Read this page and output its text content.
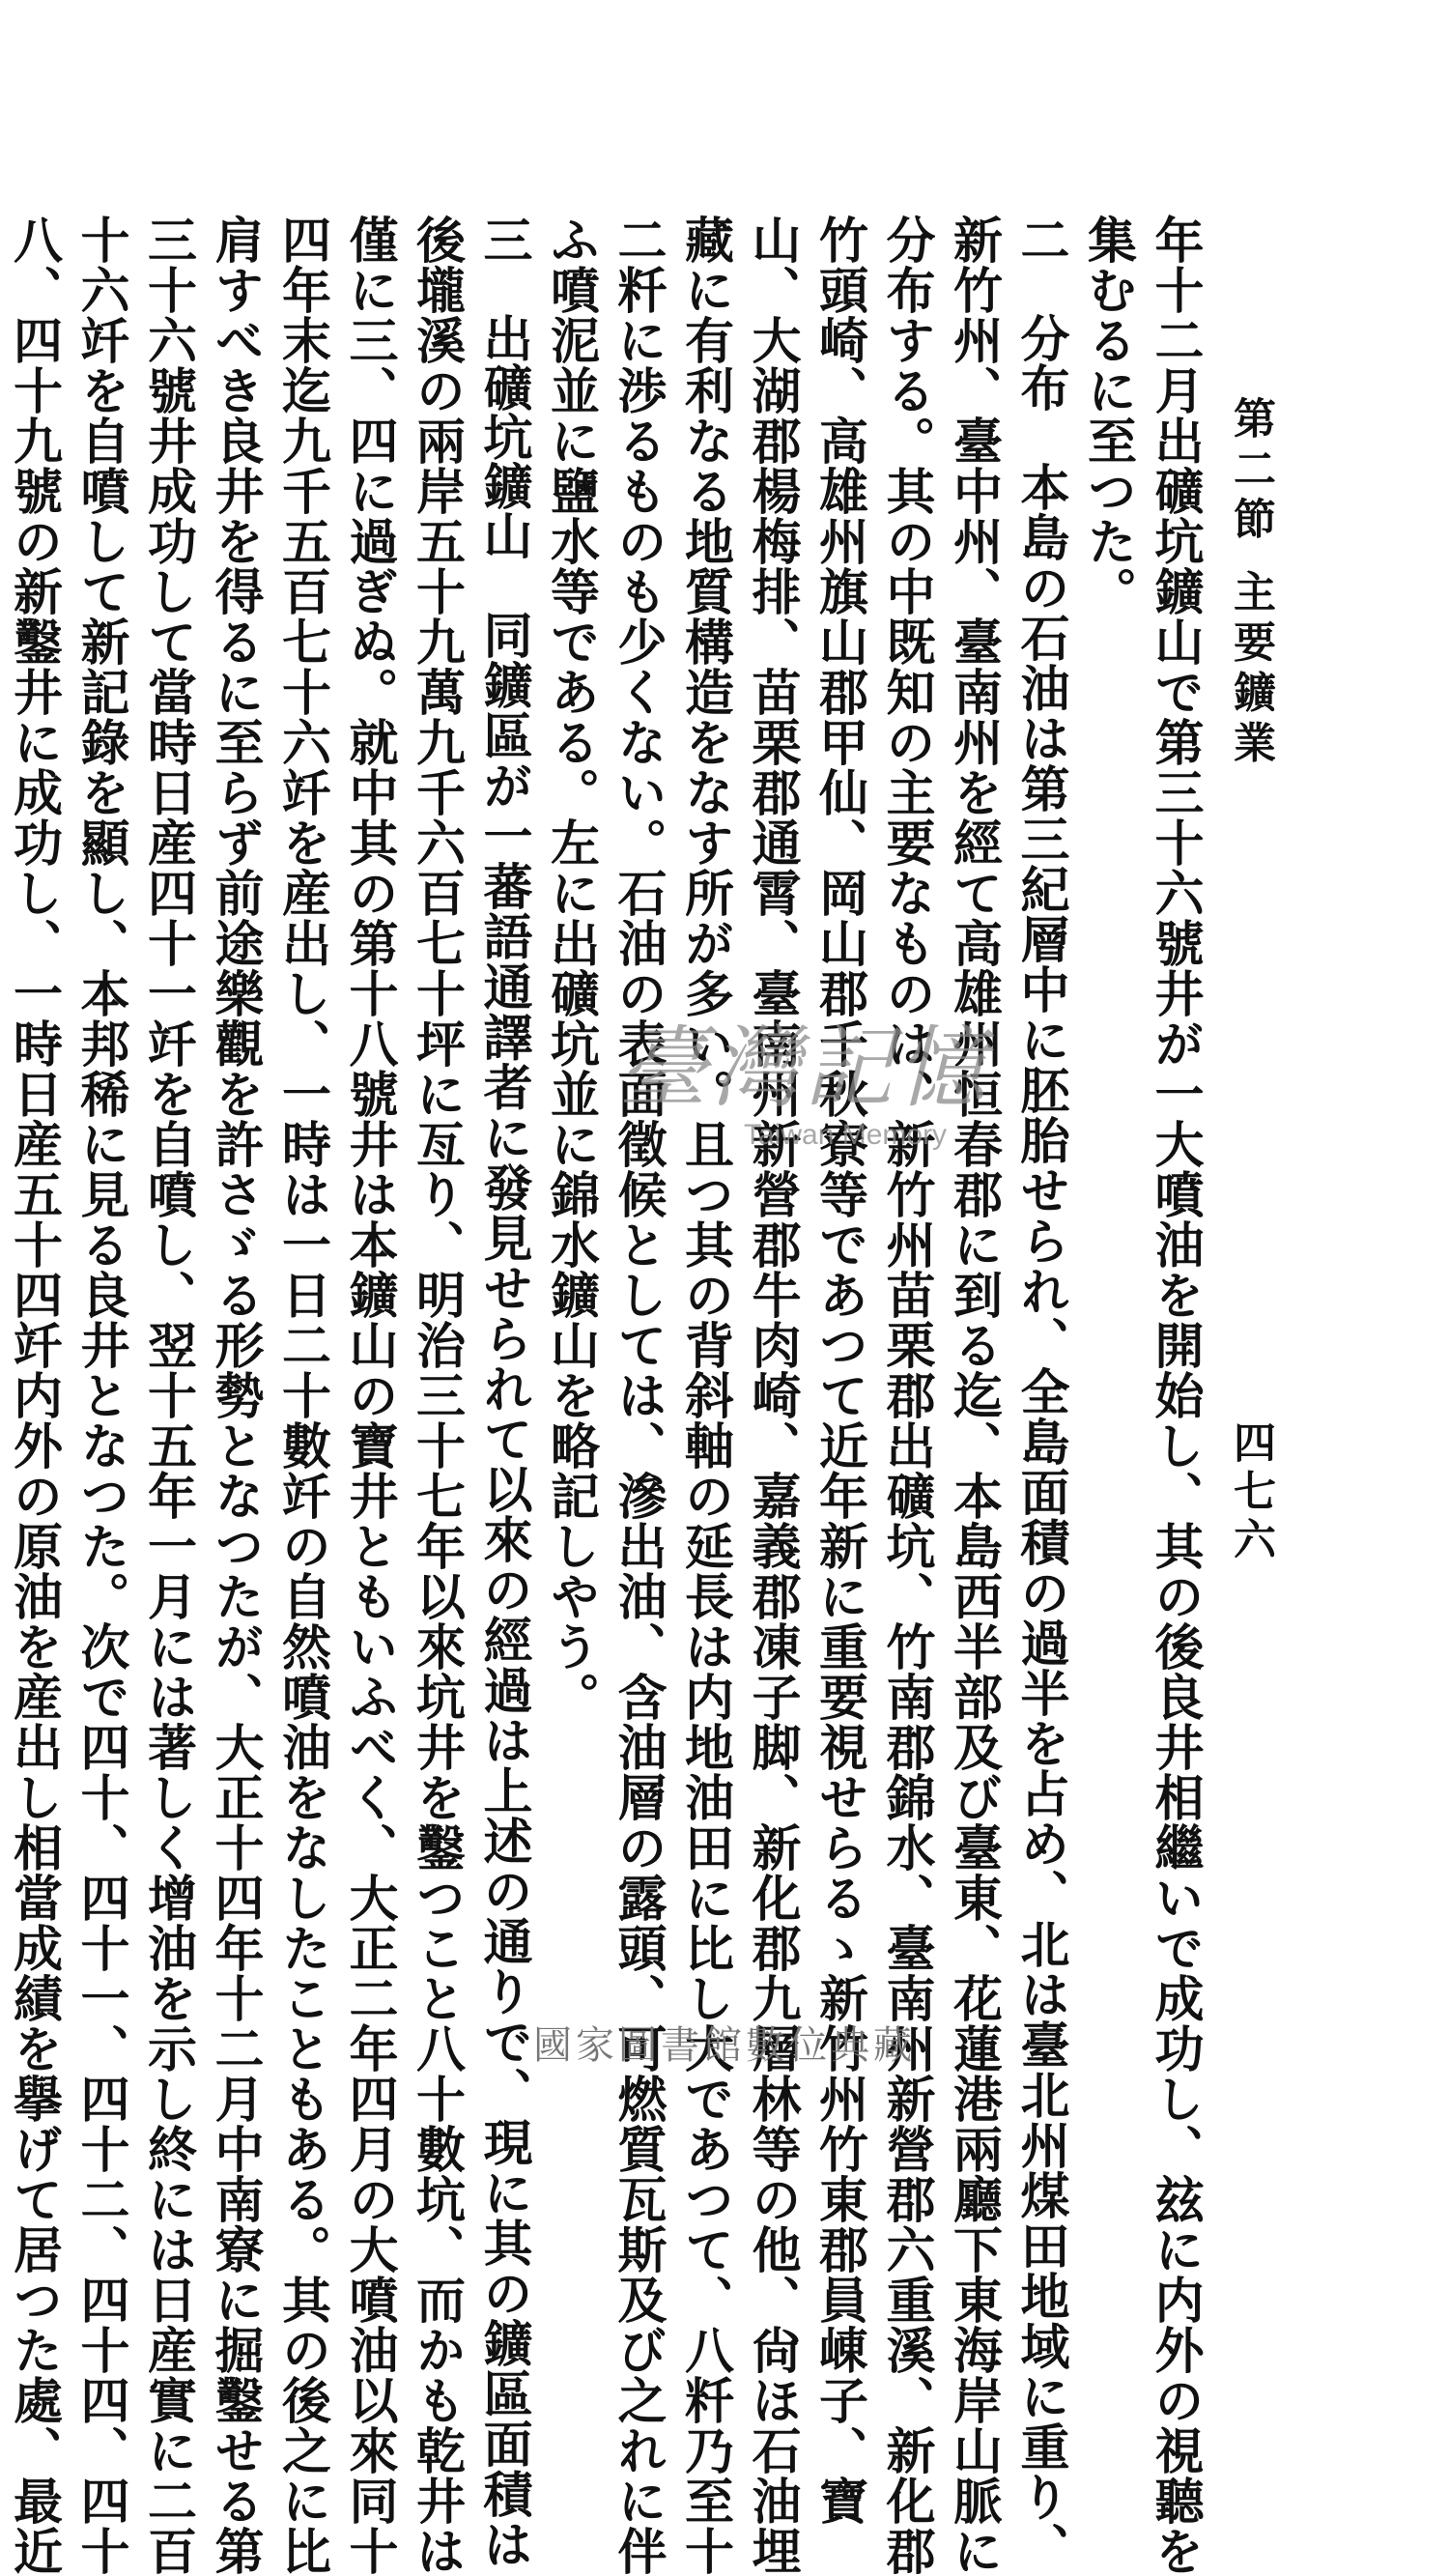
第二節 主要鑛業
四七六
年十二月出礦坑鑛山で第三十六號井が一大噴油を開始し、其の後良井相繼いで成功し、玆に内外の視聽を
集むるに至つた。
二　分布　本島の石油は第三紀層中に胚胎せられ、全島面積の過半を占め、北は臺北州煤田地域に重り、
新竹州、臺中州、臺南州を經て高雄州恒春郡に到る迄、本島西半部及び臺東、花蓮港兩廳下東海岸山脈に
分布する。其の中既知の主要なものは、新竹州苗栗郡出礦坑、竹南郡錦水、臺南州新營郡六重溪、新化郡
竹頭崎、高雄州旗山郡甲仙、岡山郡千秋寮等であつて近年新に重要視せらるゝ新竹州竹東郡員崠子、寶
山、大湖郡楊梅排、苗栗郡通霄、臺南州新營郡牛肉崎、嘉義郡凍子脚、新化郡九層林等の他、尙ほ石油埋
藏に有利なる地質構造をなす所が多い。且つ其の背斜軸の延長は内地油田に比し大であつて、八粁乃至十
二粁に渉るものも少くない。石油の表面徵候としては、滲出油、含油層の露頭、可燃質瓦斯及び之れに伴
ふ噴泥並に鹽水等である。左に出礦坑並に錦水鑛山を略記しやう。
三　出礦坑鑛山　同鑛區が一蕃語通譯者に發見せられて以來の經過は上述の通りで、現に其の鑛區面積は
後壠溪の兩岸五十九萬九千六百七十坪に亙り、明治三十七年以來坑井を鑿つこと八十數坑、而かも乾井は
僅に三、四に過ぎぬ。就中其の第十八號井は本鑛山の寶井ともいふべく、大正二年四月の大噴油以來同十
四年末迄九千五百七十六竏を産出し、一時は一日二十數竏の自然噴油をなしたこともある。其の後之に比
肩すべき良井を得るに至らず前途樂觀を許さゞる形勢となつたが、大正十四年十二月中南寮に掘鑿せる第
三十六號井成功して當時日産四十一竏を自噴し、翌十五年一月には著しく增油を示し終には日産實に二百
十六竏を自噴して新記錄を顯し、本邦稀に見る良井となつた。次で四十、四十一、四十二、四十四、四十
八、四十九號の新鑿井に成功し、一時日産五十四竏内外の原油を産出し相當成績を擧げて居つた處、最近	臺灣記憶
Taiwan Memory
國家圖書館數位典藏
